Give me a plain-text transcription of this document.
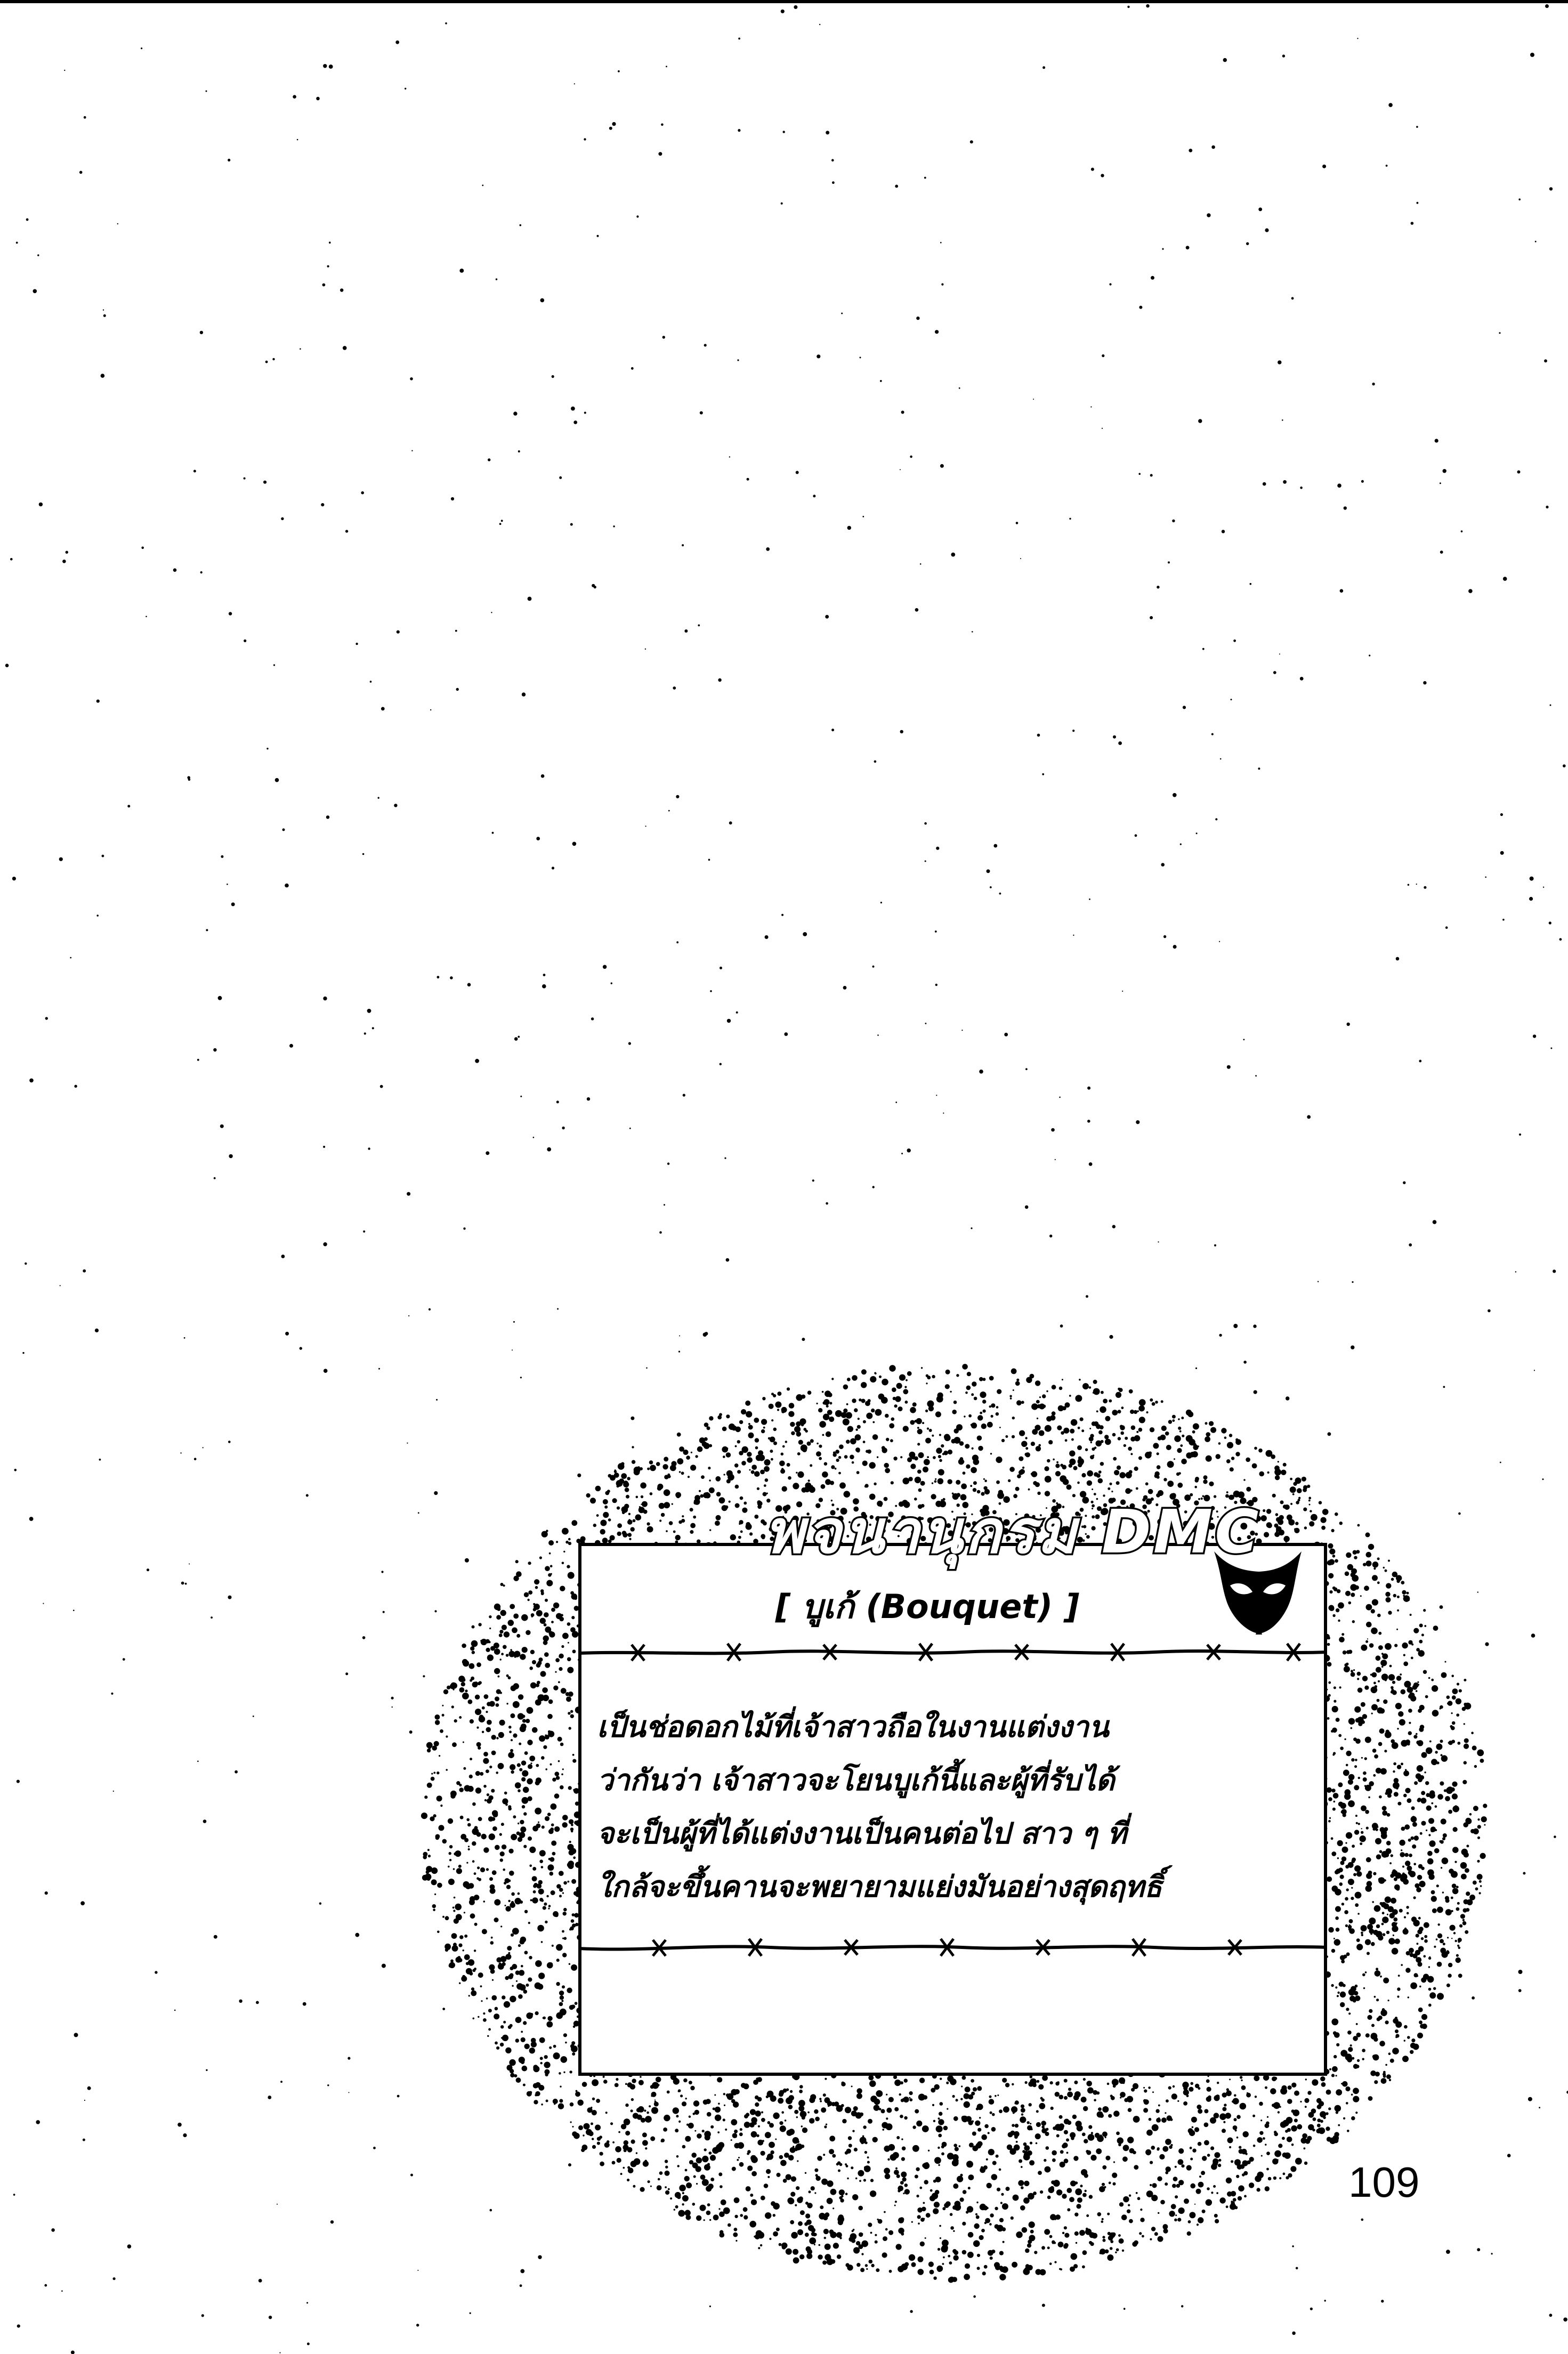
พจนานุกรม DMC
[ บูเก้ (Bouquet) ]
เป็นช่อดอกไม้ที่เจ้าสาวถือในงานแต่งงาน
ว่ากันว่า เจ้าสาวจะโยนบูเก้นี้และผู้ที่รับได้
จะเป็นผู้ที่ได้แต่งงานเป็นคนต่อไป สาว ๆ ที่
ใกล้จะขึ้นคานจะพยายามแย่งมันอย่างสุดฤทธิ์
109
